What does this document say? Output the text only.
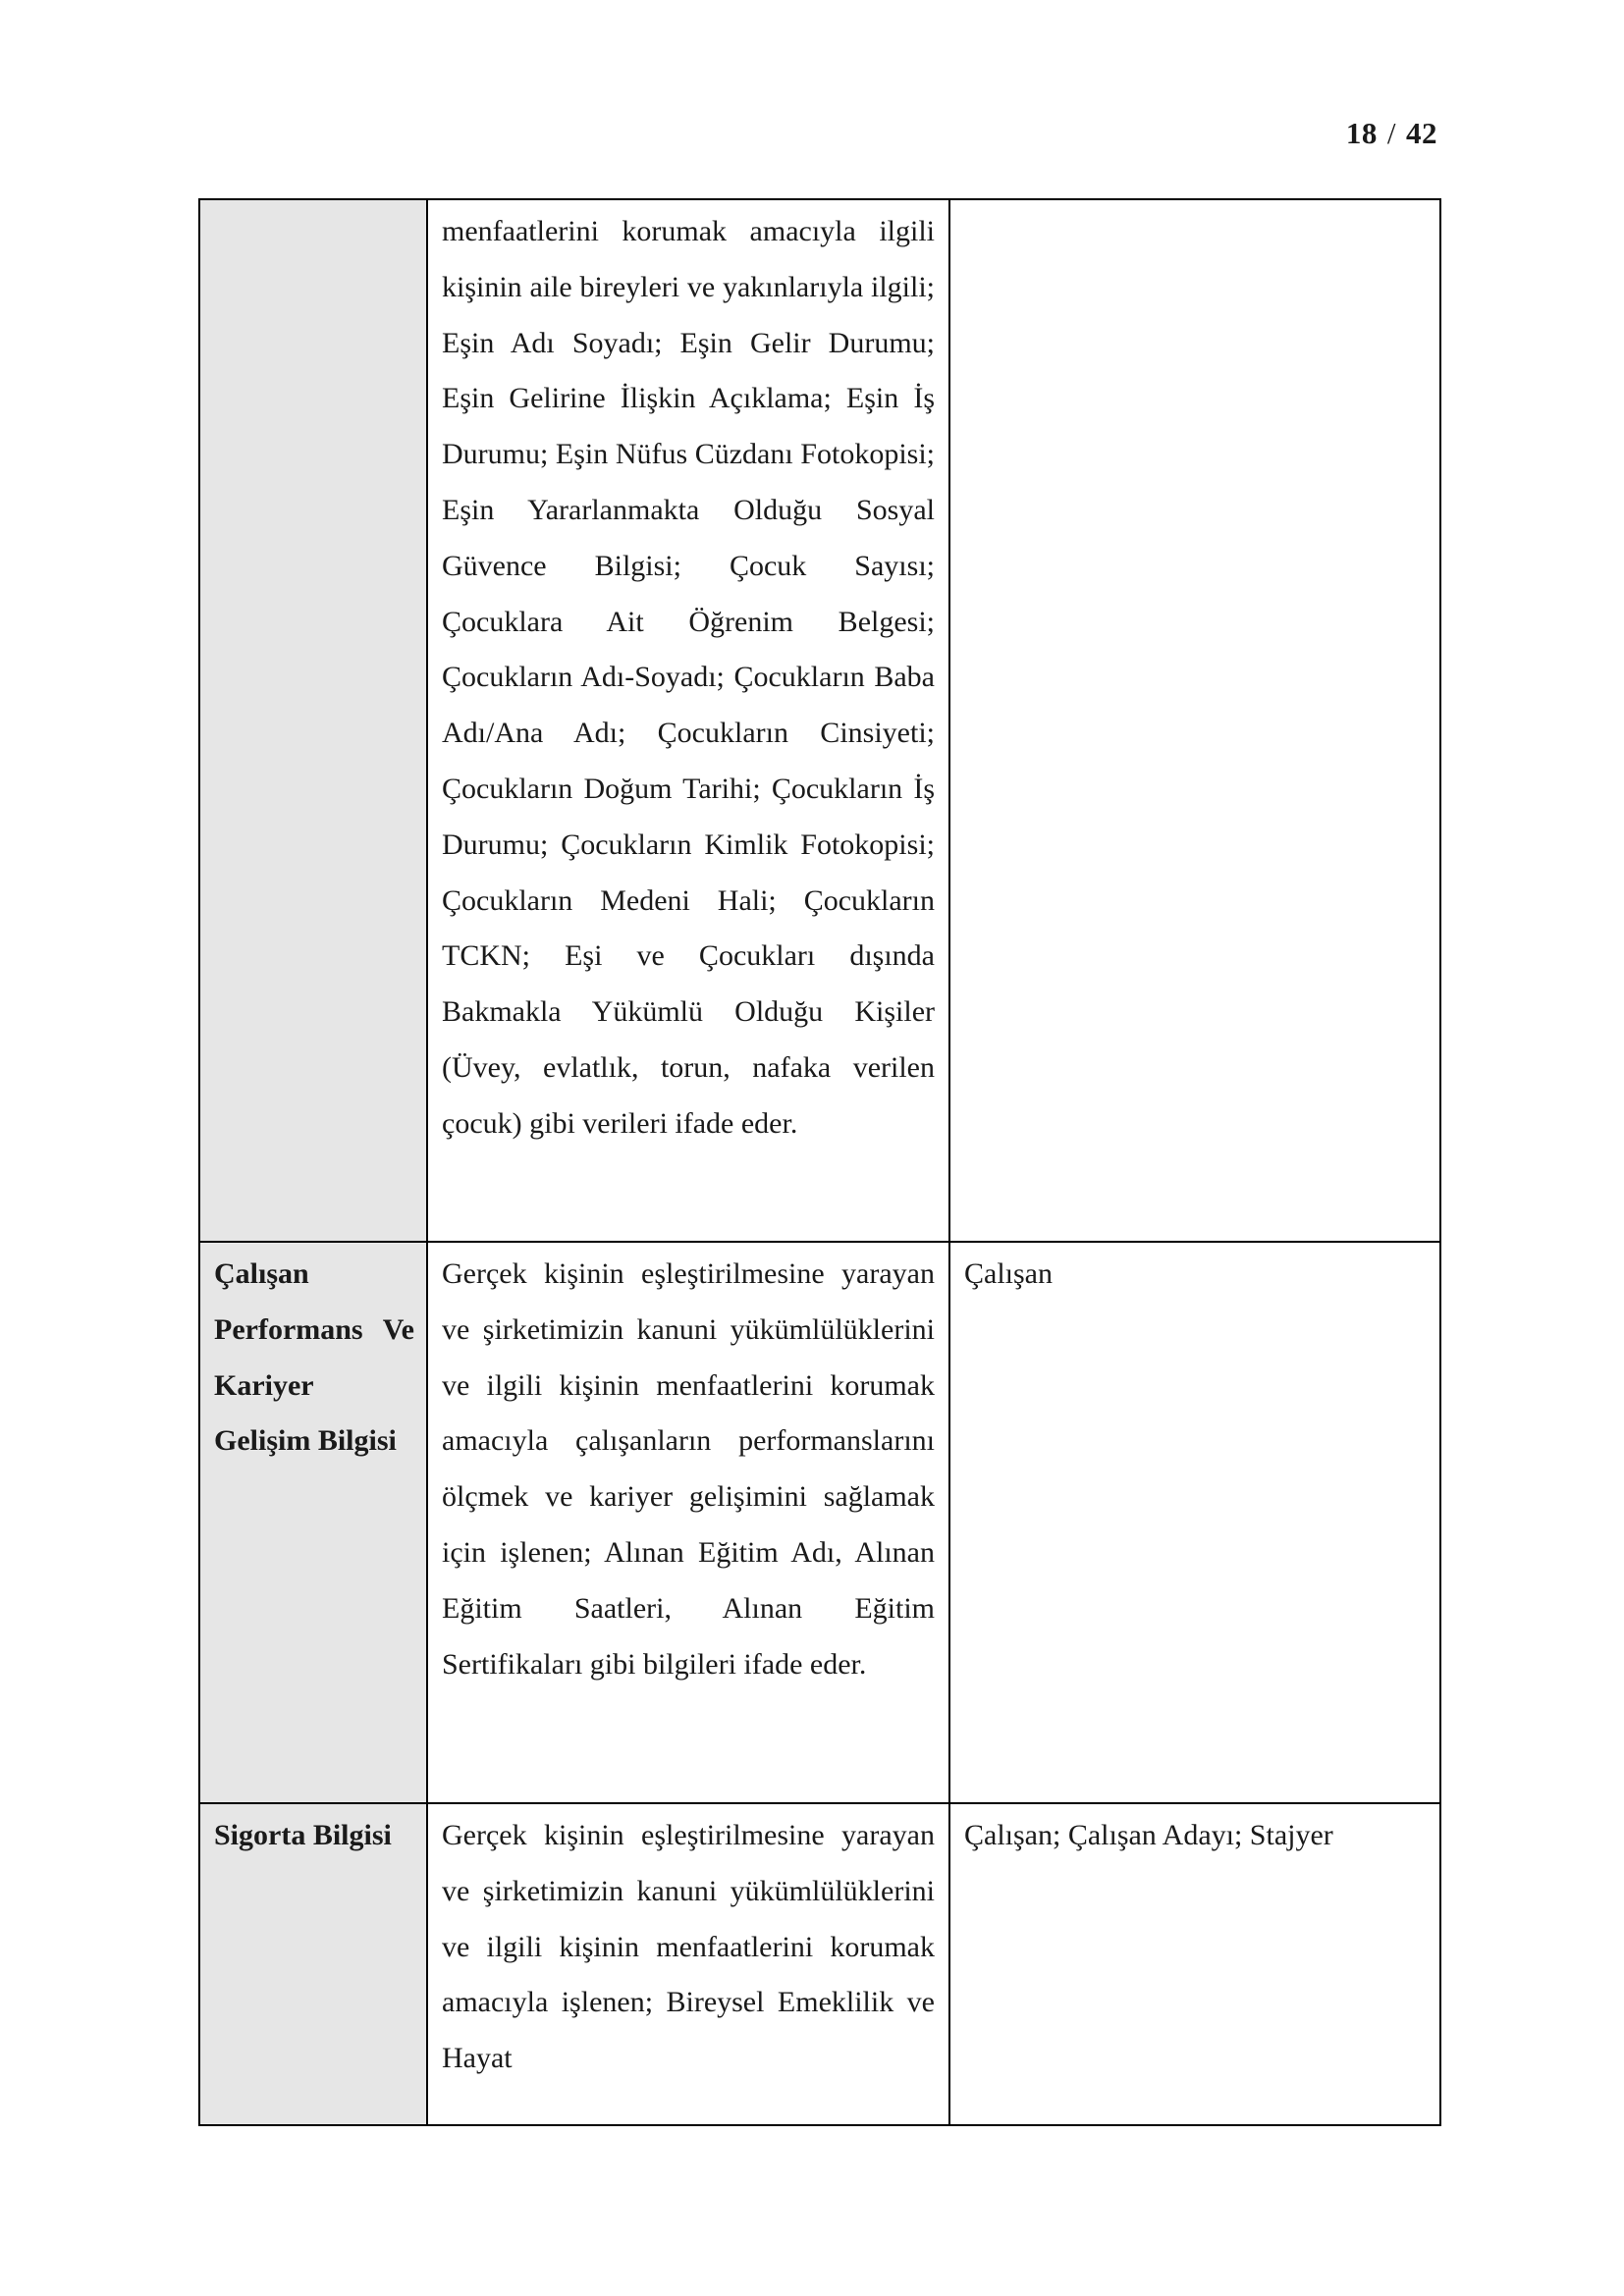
18 / 42
	menfaatlerini korumak amacıyla ilgili kişinin aile bireyleri ve yakınlarıyla ilgili; Eşin Adı Soyadı; Eşin Gelir Durumu; Eşin Gelirine İlişkin Açıklama; Eşin İş Durumu; Eşin Nüfus Cüzdanı Fotokopisi; Eşin Yararlanmakta Olduğu Sosyal Güvence Bilgisi; Çocuk Sayısı; Çocuklara Ait Öğrenim Belgesi; Çocukların Adı-Soyadı; Çocukların Baba Adı/Ana Adı; Çocukların Cinsiyeti; Çocukların Doğum Tarihi; Çocukların İş Durumu; Çocukların Kimlik Fotokopisi; Çocukların Medeni Hali; Çocukların TCKN; Eşi ve Çocukları dışında Bakmakla Yükümlü Olduğu Kişiler (Üvey, evlatlık, torun, nafaka verilen çocuk) gibi verileri ifade eder.	
Çalışan Performans Ve Kariyer Gelişim Bilgisi	Gerçek kişinin eşleştirilmesine yarayan ve şirketimizin kanuni yükümlülüklerini ve ilgili kişinin menfaatlerini korumak amacıyla çalışanların performanslarını ölçmek ve kariyer gelişimini sağlamak için işlenen; Alınan Eğitim Adı, Alınan Eğitim Saatleri, Alınan Eğitim Sertifikaları gibi bilgileri ifade eder.	Çalışan
Sigorta Bilgisi	Gerçek kişinin eşleştirilmesine yarayan ve şirketimizin kanuni yükümlülüklerini ve ilgili kişinin menfaatlerini korumak amacıyla işlenen; Bireysel Emeklilik ve Hayat	Çalışan; Çalışan Adayı; Stajyer
